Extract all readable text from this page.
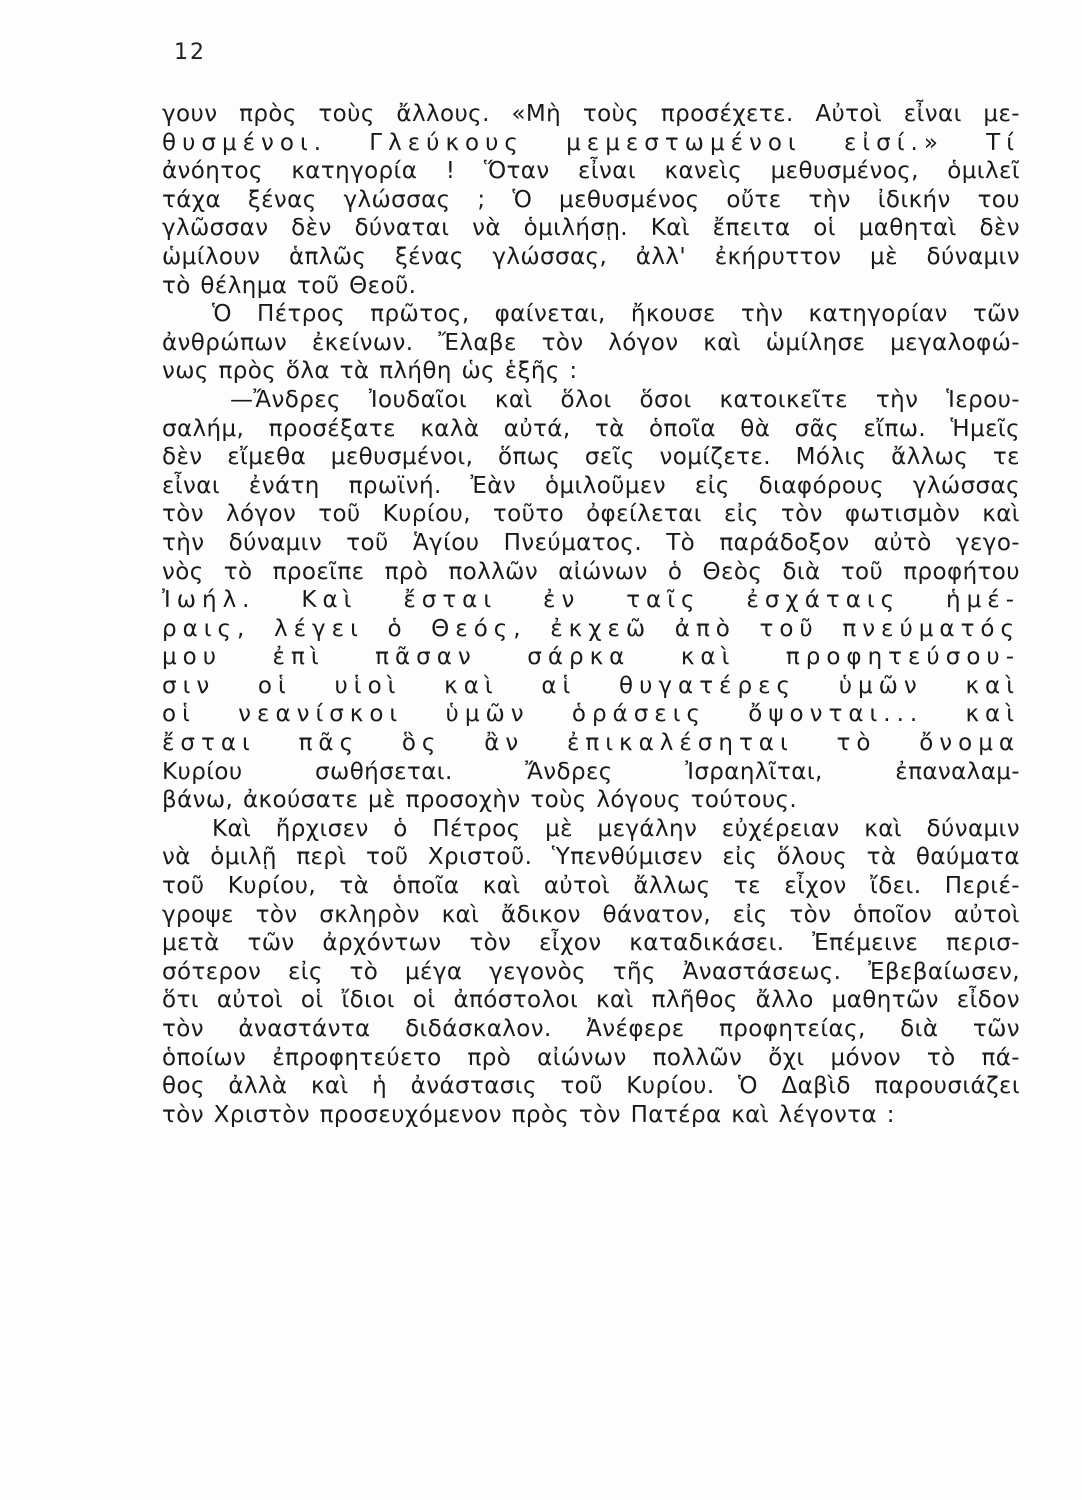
12
γουν πρὸς τοὺς ἄλλους. «Μὴ τοὺς προσέχετε. Αὐτοὶ εἶναι με-
θυσμένοι. Γλεύκους μεμεστωμένοι εἰσί.» Τί
ἀνόητος κατηγορία ! Ὅταν εἶναι κανεὶς μεθυσμένος, ὁμιλεῖ
τάχα ξένας γλώσσας ; Ὁ μεθυσμένος οὔτε τὴν ἰδικήν του
γλῶσσαν δὲν δύναται νὰ ὁμιλήσῃ. Καὶ ἔπειτα οἱ μαθηταὶ δὲν
ὡμίλουν ἁπλῶς ξένας γλώσσας, ἀλλ' ἐκήρυττον μὲ δύναμιν
τὸ θέλημα τοῦ Θεοῦ.
Ὁ Πέτρος πρῶτος, φαίνεται, ἤκουσε τὴν κατηγορίαν τῶν
ἀνθρώπων ἐκείνων. Ἔλαβε τὸν λόγον καὶ ὡμίλησε μεγαλοφώ-
νως πρὸς ὅλα τὰ πλήθη ὡς ἑξῆς :
—Ἄνδρες Ἰουδαῖοι καὶ ὅλοι ὅσοι κατοικεῖτε τὴν Ἱερου-
σαλήμ, προσέξατε καλὰ αὐτά, τὰ ὁποῖα θὰ σᾶς εἴπω. Ἡμεῖς
δὲν εἴμεθα μεθυσμένοι, ὅπως σεῖς νομίζετε. Μόλις ἄλλως τε
εἶναι ἐνάτη πρωϊνή. Ἐὰν ὁμιλοῦμεν εἰς διαφόρους γλώσσας
τὸν λόγον τοῦ Κυρίου, τοῦτο ὀφείλεται εἰς τὸν φωτισμὸν καὶ
τὴν δύναμιν τοῦ Ἁγίου Πνεύματος. Τὸ παράδοξον αὐτὸ γεγο-
νὸς τὸ προεῖπε πρὸ πολλῶν αἰώνων ὁ Θεὸς διὰ τοῦ προφήτου
Ἰωήλ. Καὶ ἔσται ἐν ταῖς ἐσχάταις ἡμέ-
ραις, λέγει ὁ Θεός, ἐκχεῶ ἀπὸ τοῦ πνεύματός
μου ἐπὶ πᾶσαν σάρκα καὶ προφητεύσου-
σιν οἱ υἱοὶ καὶ αἱ θυγατέρες ὑμῶν καὶ
οἱ νεανίσκοι ὑμῶν ὁράσεις ὄψονται... καὶ
ἔσται πᾶς ὃς ἂν ἐπικαλέσηται τὸ ὄνομα
Κυρίου σωθήσεται. Ἄνδρες Ἰσραηλῖται, ἐπαναλαμ-
βάνω, ἀκούσατε μὲ προσοχὴν τοὺς λόγους τούτους.
Καὶ ἤρχισεν ὁ Πέτρος μὲ μεγάλην εὐχέρειαν καὶ δύναμιν
νὰ ὁμιλῇ περὶ τοῦ Χριστοῦ. Ὑπενθύμισεν εἰς ὅλους τὰ θαύματα
τοῦ Κυρίου, τὰ ὁποῖα καὶ αὐτοὶ ἄλλως τε εἶχον ἴδει. Περιέ-
γροψε τὸν σκληρὸν καὶ ἄδικον θάνατον, εἰς τὸν ὁποῖον αὐτοὶ
μετὰ τῶν ἀρχόντων τὸν εἶχον καταδικάσει. Ἐπέμεινε περισ-
σότερον εἰς τὸ μέγα γεγονὸς τῆς Ἀναστάσεως. Ἐβεβαίωσεν,
ὅτι αὐτοὶ οἱ ἴδιοι οἱ ἀπόστολοι καὶ πλῆθος ἄλλο μαθητῶν εἶδον
τὸν ἀναστάντα διδάσκαλον. Ἀνέφερε προφητείας, διὰ τῶν
ὁποίων ἐπροφητεύετο πρὸ αἰώνων πολλῶν ὄχι μόνον τὸ πά-
θος ἀλλὰ καὶ ἡ ἀνάστασις τοῦ Κυρίου. Ὁ Δαβὶδ παρουσιάζει
τὸν Χριστὸν προσευχόμενον πρὸς τὸν Πατέρα καὶ λέγοντα :
